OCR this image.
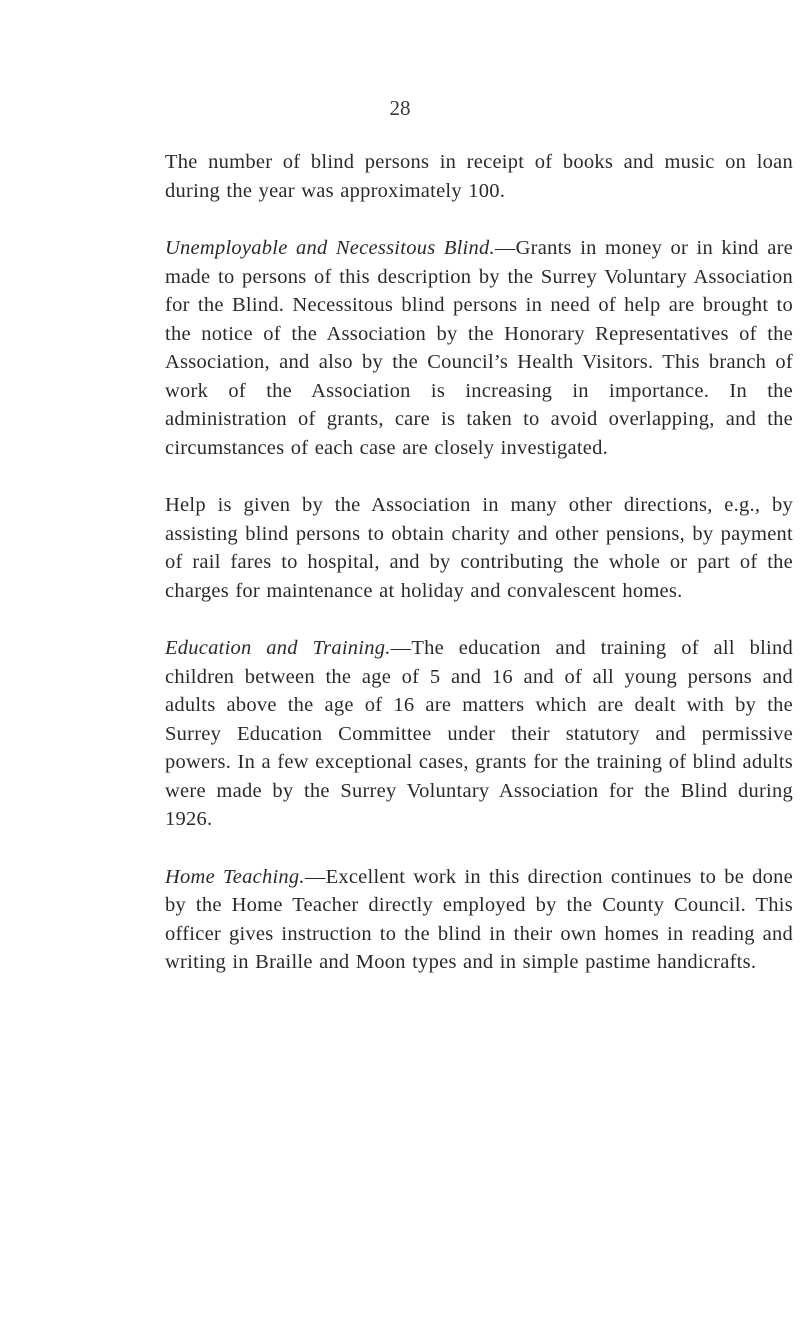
28

The number of blind persons in receipt of books and music on loan during the year was approximately 100.

Unemployable and Necessitous Blind.—Grants in money or in kind are made to persons of this description by the Surrey Voluntary Association for the Blind. Necessitous blind persons in need of help are brought to the notice of the Association by the Honorary Representatives of the Association, and also by the Council’s Health Visitors. This branch of work of the Association is increasing in importance. In the administration of grants, care is taken to avoid overlapping, and the circumstances of each case are closely investigated.

Help is given by the Association in many other directions, e.g., by assisting blind persons to obtain charity and other pensions, by payment of rail fares to hospital, and by contributing the whole or part of the charges for maintenance at holiday and convalescent homes.

Education and Training.—The education and training of all blind children between the age of 5 and 16 and of all young persons and adults above the age of 16 are matters which are dealt with by the Surrey Education Committee under their statutory and permissive powers. In a few exceptional cases, grants for the training of blind adults were made by the Surrey Voluntary Association for the Blind during 1926.

Home Teaching.—Excellent work in this direction continues to be done by the Home Teacher directly employed by the County Council. This officer gives instruction to the blind in their own homes in reading and writing in Braille and Moon types and in simple pastime handicrafts.
